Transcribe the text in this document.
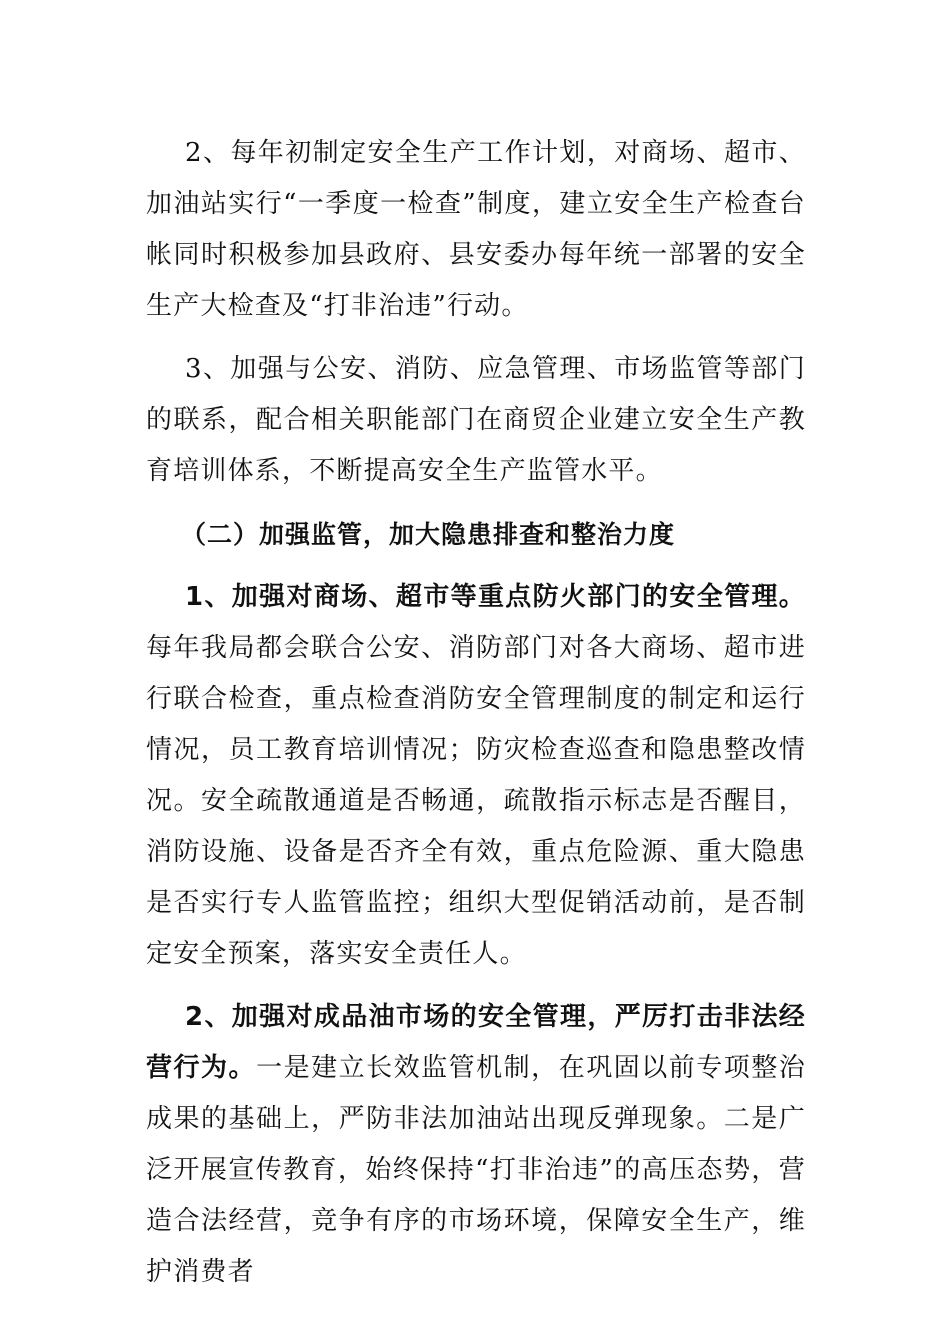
2、每年初制定安全生产工作计划，对商场、超市、加油站实行“一季度一检查”制度，建立安全生产检查台帐同时积极参加县政府、县安委办每年统一部署的安全生产大检查及“打非治违”行动。

3、加强与公安、消防、应急管理、市场监管等部门的联系，配合相关职能部门在商贸企业建立安全生产教育培训体系，不断提高安全生产监管水平。

（二）加强监管，加大隐患排查和整治力度

1、加强对商场、超市等重点防火部门的安全管理。每年我局都会联合公安、消防部门对各大商场、超市进行联合检查，重点检查消防安全管理制度的制定和运行情况，员工教育培训情况；防灾检查巡查和隐患整改情况。安全疏散通道是否畅通，疏散指示标志是否醒目，消防设施、设备是否齐全有效，重点危险源、重大隐患是否实行专人监管监控；组织大型促销活动前，是否制定安全预案，落实安全责任人。

2、加强对成品油市场的安全管理，严厉打击非法经营行为。一是建立长效监管机制，在巩固以前专项整治成果的基础上，严防非法加油站出现反弹现象。二是广泛开展宣传教育，始终保持“打非治违”的高压态势，营造合法经营，竞争有序的市场环境，保障安全生产，维护消费者
